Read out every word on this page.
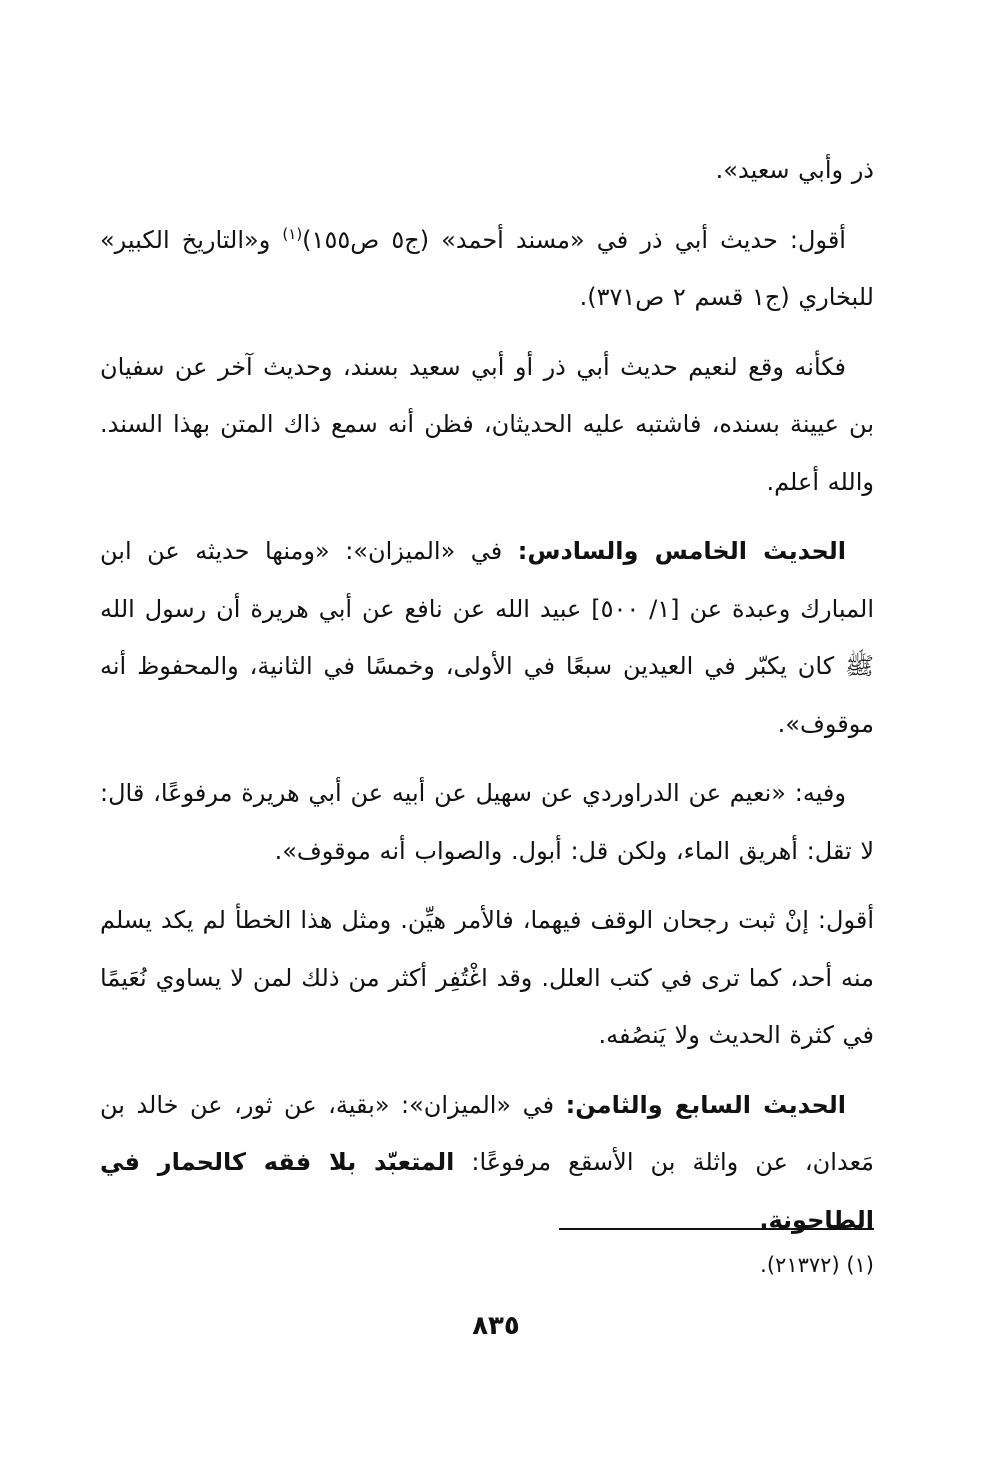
ذر وأبي سعيد».

أقول: حديث أبي ذر في «مسند أحمد» (ج٥ ص١٥٥)$^{(١)}$ و«التاريخ الكبير» للبخاري (ج١ قسم ٢ ص٣٧١).

فكأنه وقع لنعيم حديث أبي ذر أو أبي سعيد بسند، وحديث آخر عن سفيان بن عيينة بسنده، فاشتبه عليه الحديثان، فظن أنه سمع ذاك المتن بهذا السند. والله أعلم.

الحديث الخامس والسادس: في «الميزان»: «ومنها حديثه عن ابن المبارك وعبدة عن [١/ ٥٠٠] عبيد الله عن نافع عن أبي هريرة أن رسول الله ﷺ كان يكبّر في العيدين سبعًا في الأولى، وخمسًا في الثانية، والمحفوظ أنه موقوف».

وفيه: «نعيم عن الدراوردي عن سهيل عن أبيه عن أبي هريرة مرفوعًا، قال: لا تقل: أهريق الماء، ولكن قل: أبول. والصواب أنه موقوف».

أقول: إنْ ثبت رجحان الوقف فيهما، فالأمر هيِّن. ومثل هذا الخطأ لم يكد يسلم منه أحد، كما ترى في كتب العلل. وقد اغْتُفِر أكثر من ذلك لمن لا يساوي نُعَيمًا في كثرة الحديث ولا يَنصُفه.

الحديث السابع والثامن: في «الميزان»: «بقية، عن ثور، عن خالد بن مَعدان، عن واثلة بن الأسقع مرفوعًا: المتعبّد بلا فقه كالحمار في الطاحونة.

(١) (٢١٣٧٢).
٨٣٥
